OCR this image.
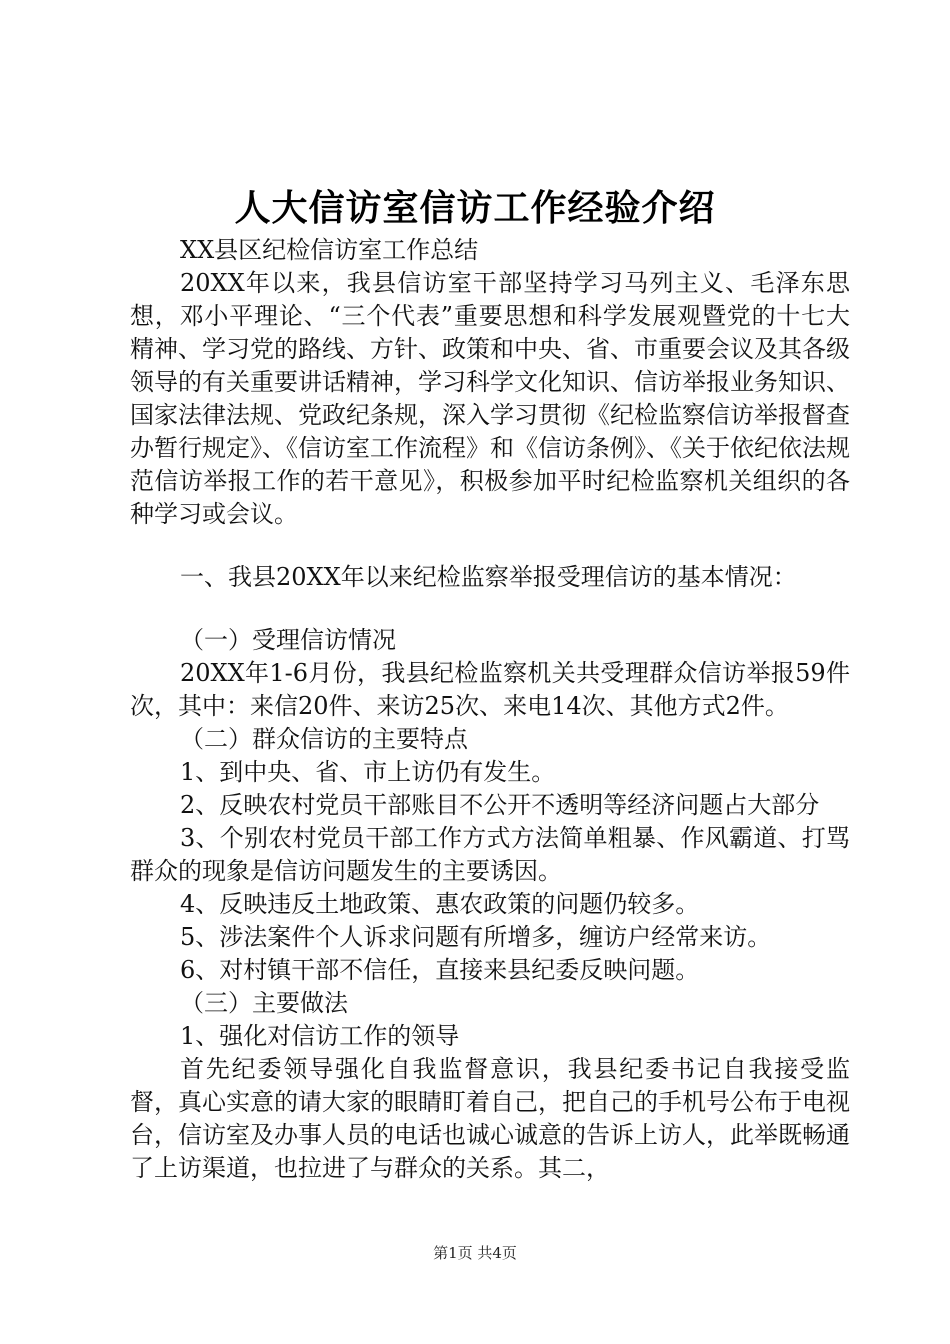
人大信访室信访工作经验介绍

XX县区纪检信访室工作总结

20XX年以来，我县信访室干部坚持学习马列主义、毛泽东思想，邓小平理论、“三个代表”重要思想和科学发展观暨党的十七大精神、学习党的路线、方针、政策和中央、省、市重要会议及其各级领导的有关重要讲话精神，学习科学文化知识、信访举报业务知识、国家法律法规、党政纪条规，深入学习贯彻《纪检监察信访举报督查办暂行规定》、《信访室工作流程》和《信访条例》、《关于依纪依法规范信访举报工作的若干意见》，积极参加平时纪检监察机关组织的各种学习或会议。

一、我县20XX年以来纪检监察举报受理信访的基本情况：

（一）受理信访情况

20XX年1-6月份，我县纪检监察机关共受理群众信访举报59件次，其中：来信20件、来访25次、来电14次、其他方式2件。

（二）群众信访的主要特点

1、到中央、省、市上访仍有发生。

2、反映农村党员干部账目不公开不透明等经济问题占大部分

3、个别农村党员干部工作方式方法简单粗暴、作风霸道、打骂群众的现象是信访问题发生的主要诱因。

4、反映违反土地政策、惠农政策的问题仍较多。

5、涉法案件个人诉求问题有所增多，缠访户经常来访。

6、对村镇干部不信任，直接来县纪委反映问题。

（三）主要做法

1、强化对信访工作的领导

首先纪委领导强化自我监督意识，我县纪委书记自我接受监督，真心实意的请大家的眼睛盯着自己，把自己的手机号公布于电视台，信访室及办事人员的电话也诚心诚意的告诉上访人，此举既畅通了上访渠道，也拉进了与群众的关系。其二，

第1页 共4页
